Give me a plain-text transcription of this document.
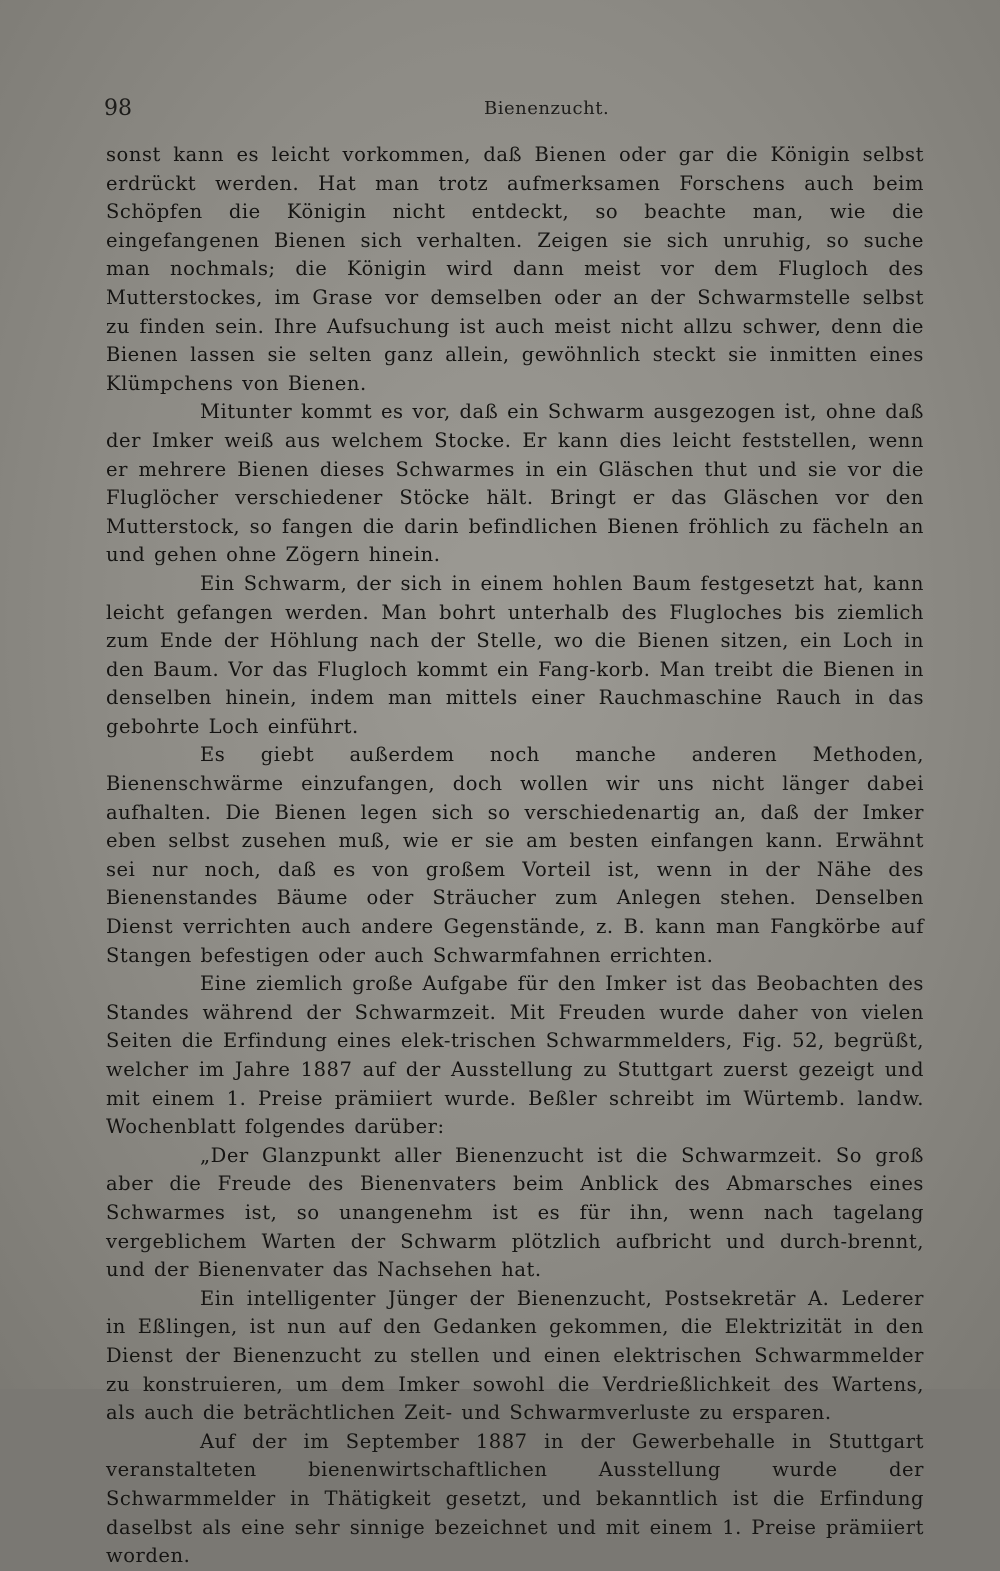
98	Bienenzucht.

sonst kann es leicht vorkommen, daß Bienen oder gar die Königin selbst erdrückt werden. Hat man trotz aufmerksamen Forschens auch beim Schöpfen die Königin nicht entdeckt, so beachte man, wie die eingefangenen Bienen sich verhalten. Zeigen sie sich unruhig, so suche man nochmals; die Königin wird dann meist vor dem Flugloch des Mutterstockes, im Grase vor demselben oder an der Schwarmstelle selbst zu finden sein. Ihre Aufsuchung ist auch meist nicht allzu schwer, denn die Bienen lassen sie selten ganz allein, gewöhnlich steckt sie inmitten eines Klümpchens von Bienen.

Mitunter kommt es vor, daß ein Schwarm ausgezogen ist, ohne daß der Imker weiß aus welchem Stocke. Er kann dies leicht feststellen, wenn er mehrere Bienen dieses Schwarmes in ein Gläschen thut und sie vor die Fluglöcher verschiedener Stöcke hält. Bringt er das Gläschen vor den Mutterstock, so fangen die darin befindlichen Bienen fröhlich zu fächeln an und gehen ohne Zögern hinein.

Ein Schwarm, der sich in einem hohlen Baum festgesetzt hat, kann leicht gefangen werden. Man bohrt unterhalb des Flugloches bis ziemlich zum Ende der Höhlung nach der Stelle, wo die Bienen sitzen, ein Loch in den Baum. Vor das Flugloch kommt ein Fang-korb. Man treibt die Bienen in denselben hinein, indem man mittels einer Rauchmaschine Rauch in das gebohrte Loch einführt.

Es giebt außerdem noch manche anderen Methoden, Bienenschwärme einzufangen, doch wollen wir uns nicht länger dabei aufhalten. Die Bienen legen sich so verschiedenartig an, daß der Imker eben selbst zusehen muß, wie er sie am besten einfangen kann. Erwähnt sei nur noch, daß es von großem Vorteil ist, wenn in der Nähe des Bienenstandes Bäume oder Sträucher zum Anlegen stehen. Denselben Dienst verrichten auch andere Gegenstände, z. B. kann man Fangkörbe auf Stangen befestigen oder auch Schwarmfahnen errichten.

Eine ziemlich große Aufgabe für den Imker ist das Beobachten des Standes während der Schwarmzeit. Mit Freuden wurde daher von vielen Seiten die Erfindung eines elek-trischen Schwarmmelders, Fig. 52, begrüßt, welcher im Jahre 1887 auf der Ausstellung zu Stuttgart zuerst gezeigt und mit einem 1. Preise prämiiert wurde. Beßler schreibt im Würtemb. landw. Wochenblatt folgendes darüber:

„Der Glanzpunkt aller Bienenzucht ist die Schwarmzeit. So groß aber die Freude des Bienenvaters beim Anblick des Abmarsches eines Schwarmes ist, so unangenehm ist es für ihn, wenn nach tagelang vergeblichem Warten der Schwarm plötzlich aufbricht und durch-brennt, und der Bienenvater das Nachsehen hat.

Ein intelligenter Jünger der Bienenzucht, Postsekretär A. Lederer in Eßlingen, ist nun auf den Gedanken gekommen, die Elektrizität in den Dienst der Bienenzucht zu stellen und einen elektrischen Schwarmmelder zu konstruieren, um dem Imker sowohl die Verdrießlichkeit des Wartens, als auch die beträchtlichen Zeit- und Schwarmverluste zu ersparen.

Auf der im September 1887 in der Gewerbehalle in Stuttgart veranstalteten bienenwirtschaftlichen Ausstellung wurde der Schwarmmelder in Thätigkeit gesetzt, und bekanntlich ist die Erfindung daselbst als eine sehr sinnige bezeichnet und mit einem 1. Preise prämiiert worden.
